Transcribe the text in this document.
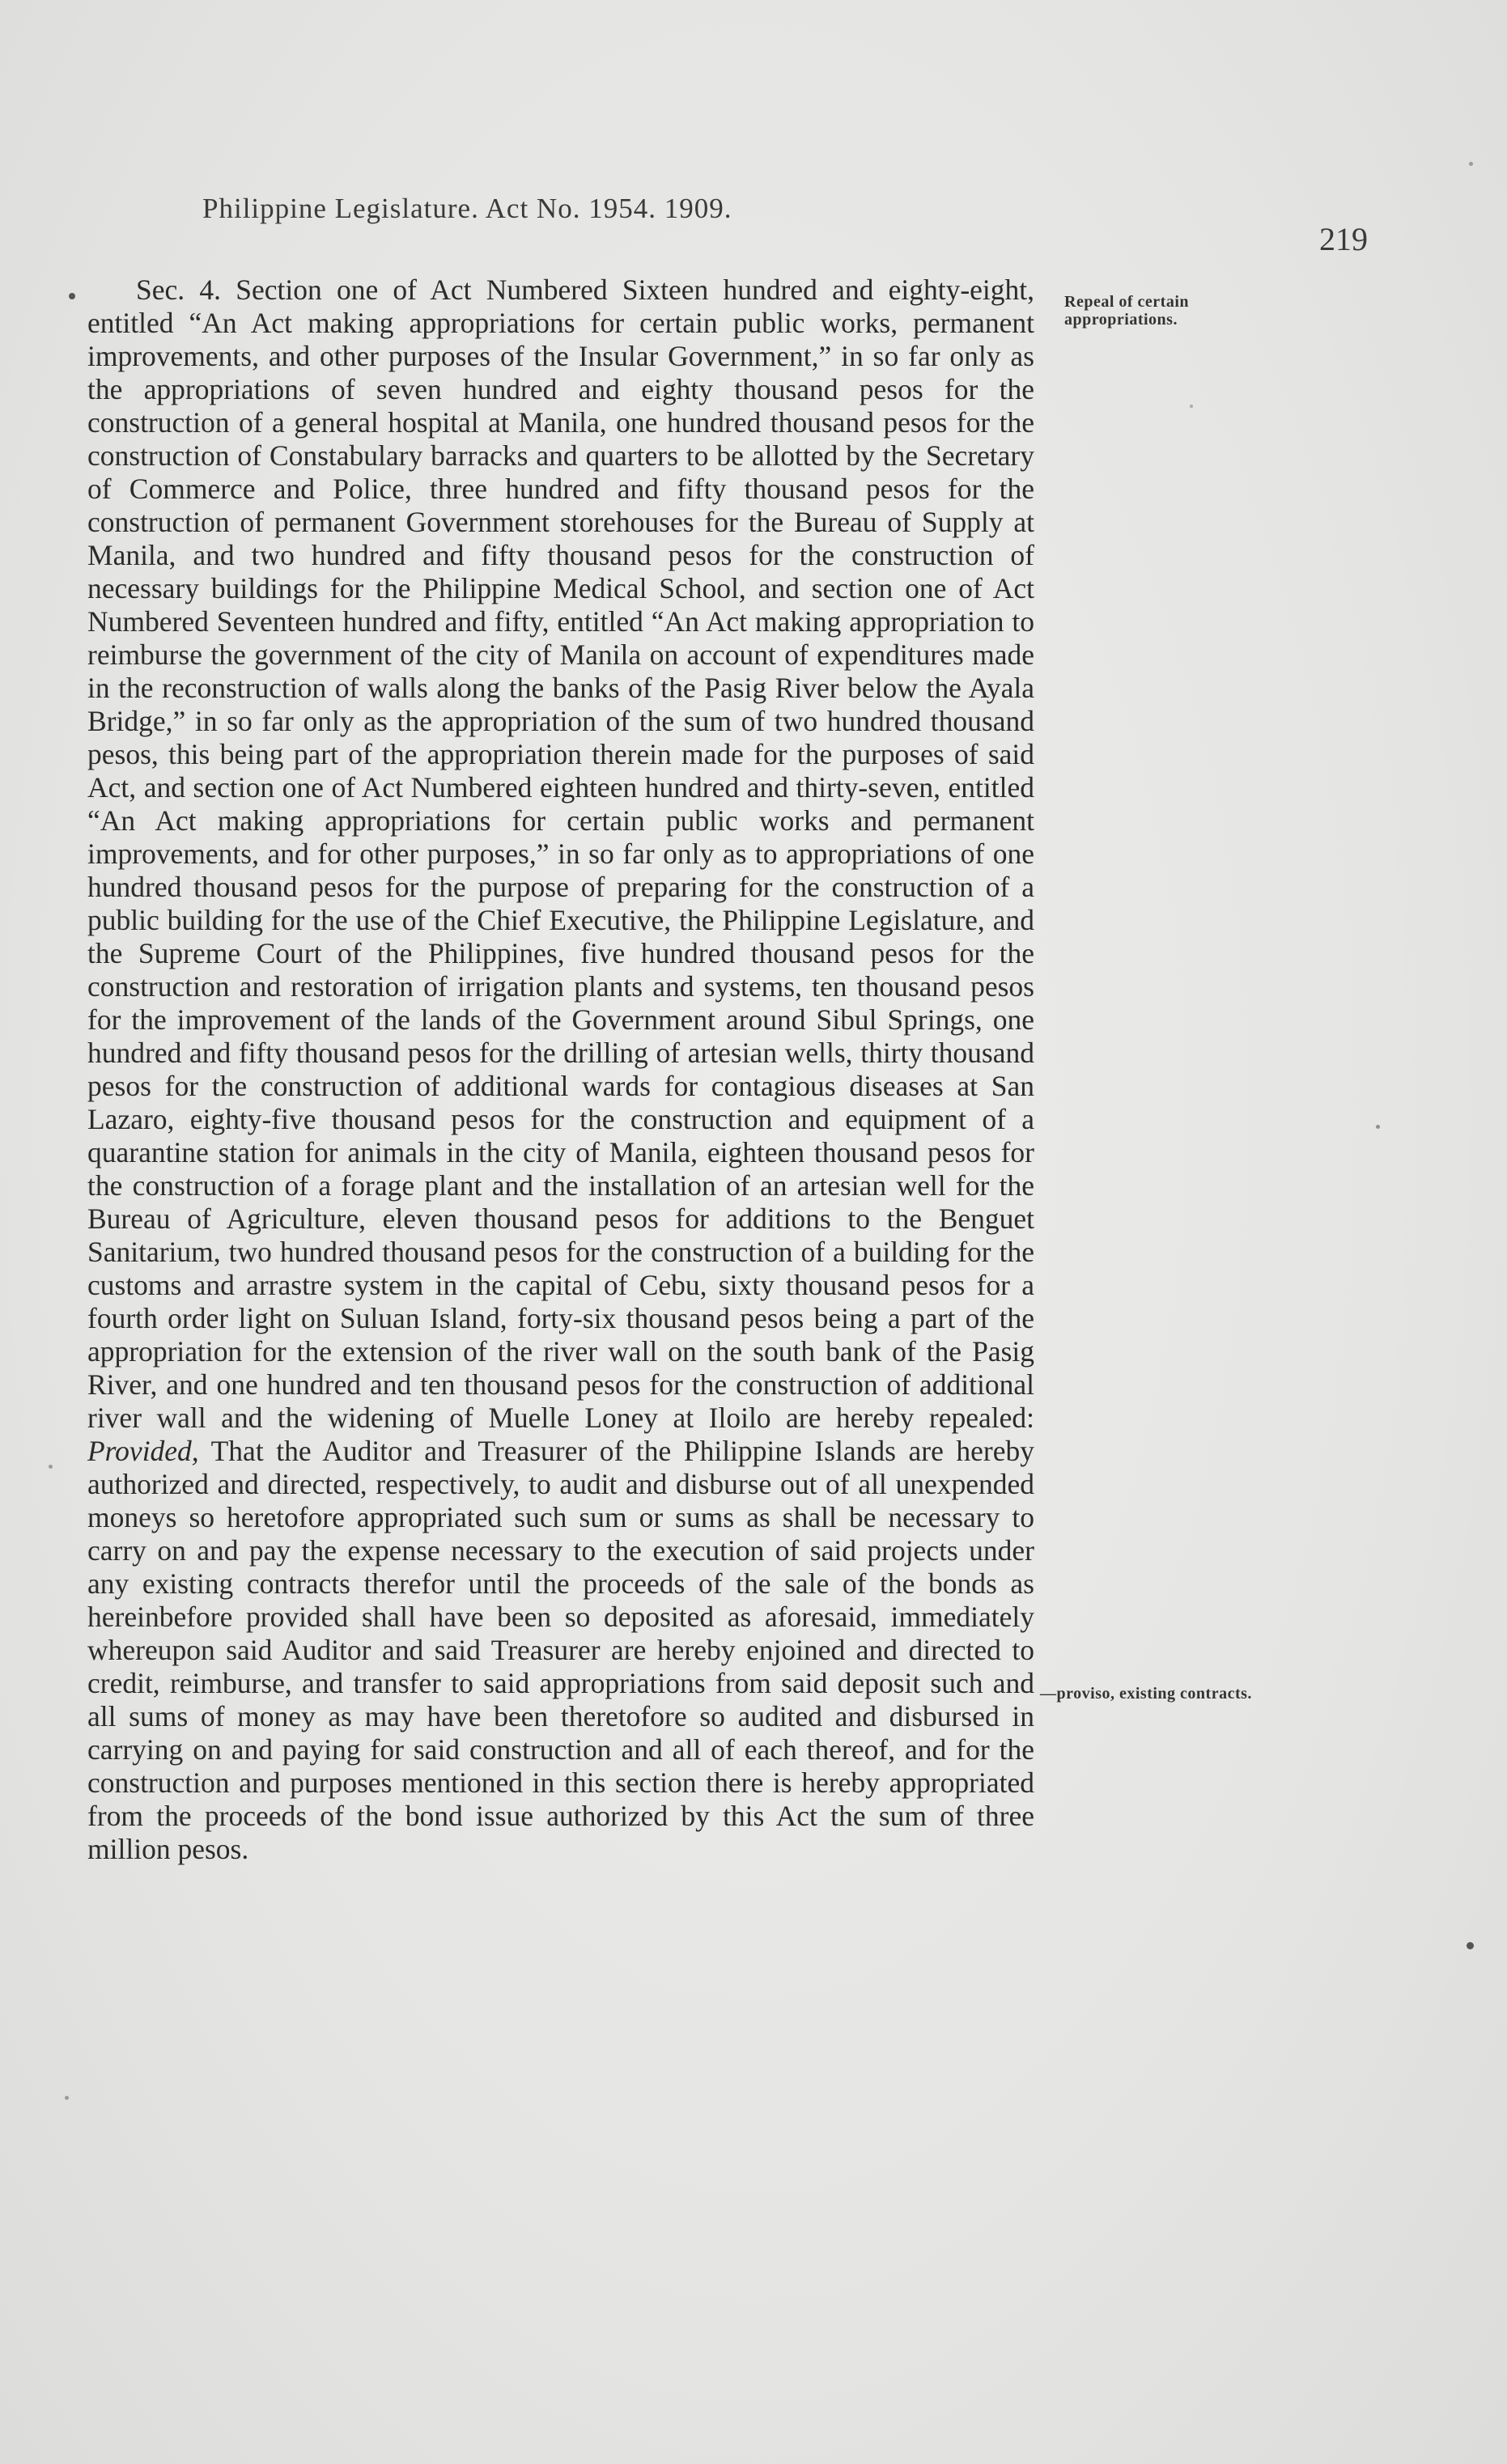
Philippine Legislature. Act No. 1954. 1909.
219
Repeal of certain appropriations.
—proviso, existing contracts.

Sec. 4. Section one of Act Numbered Sixteen hundred and eighty-eight, entitled “An Act making appropriations for certain public works, permanent improvements, and other purposes of the Insular Government,” in so far only as the appropriations of seven hundred and eighty thousand pesos for the construction of a general hospital at Manila, one hundred thousand pesos for the construction of Constabulary barracks and quarters to be allotted by the Secretary of Commerce and Police, three hundred and fifty thousand pesos for the construction of permanent Government storehouses for the Bureau of Supply at Manila, and two hundred and fifty thousand pesos for the construction of necessary buildings for the Philippine Medical School, and section one of Act Numbered Seventeen hundred and fifty, entitled “An Act making appropriation to reimburse the government of the city of Manila on account of expenditures made in the reconstruction of walls along the banks of the Pasig River below the Ayala Bridge,” in so far only as the appropriation of the sum of two hundred thousand pesos, this being part of the appropriation therein made for the purposes of said Act, and section one of Act Numbered eighteen hundred and thirty-seven, entitled “An Act making appropriations for certain public works and permanent improvements, and for other purposes,” in so far only as to appropriations of one hundred thousand pesos for the purpose of preparing for the construction of a public building for the use of the Chief Executive, the Philippine Legislature, and the Supreme Court of the Philippines, five hundred thousand pesos for the construction and restoration of irrigation plants and systems, ten thousand pesos for the improvement of the lands of the Government around Sibul Springs, one hundred and fifty thousand pesos for the drilling of artesian wells, thirty thousand pesos for the construction of additional wards for contagious diseases at San Lazaro, eighty-five thousand pesos for the construction and equipment of a quarantine station for animals in the city of Manila, eighteen thousand pesos for the construction of a forage plant and the installation of an artesian well for the Bureau of Agriculture, eleven thousand pesos for additions to the Benguet Sanitarium, two hundred thousand pesos for the construction of a building for the customs and arrastre system in the capital of Cebu, sixty thousand pesos for a fourth order light on Suluan Island, forty-six thousand pesos being a part of the appropriation for the extension of the river wall on the south bank of the Pasig River, and one hundred and ten thousand pesos for the construction of additional river wall and the widening of Muelle Loney at Iloilo are hereby repealed: Provided, That the Auditor and Treasurer of the Philippine Islands are hereby authorized and directed, respectively, to audit and disburse out of all unexpended moneys so heretofore appropriated such sum or sums as shall be necessary to carry on and pay the expense necessary to the execution of said projects under any existing contracts therefor until the proceeds of the sale of the bonds as hereinbefore provided shall have been so deposited as aforesaid, immediately whereupon said Auditor and said Treasurer are hereby enjoined and directed to credit, reimburse, and transfer to said appropriations from said deposit such and all sums of money as may have been theretofore so audited and disbursed in carrying on and paying for said construction and all of each thereof, and for the construction and purposes mentioned in this section there is hereby appropriated from the proceeds of the bond issue authorized by this Act the sum of three million pesos.
